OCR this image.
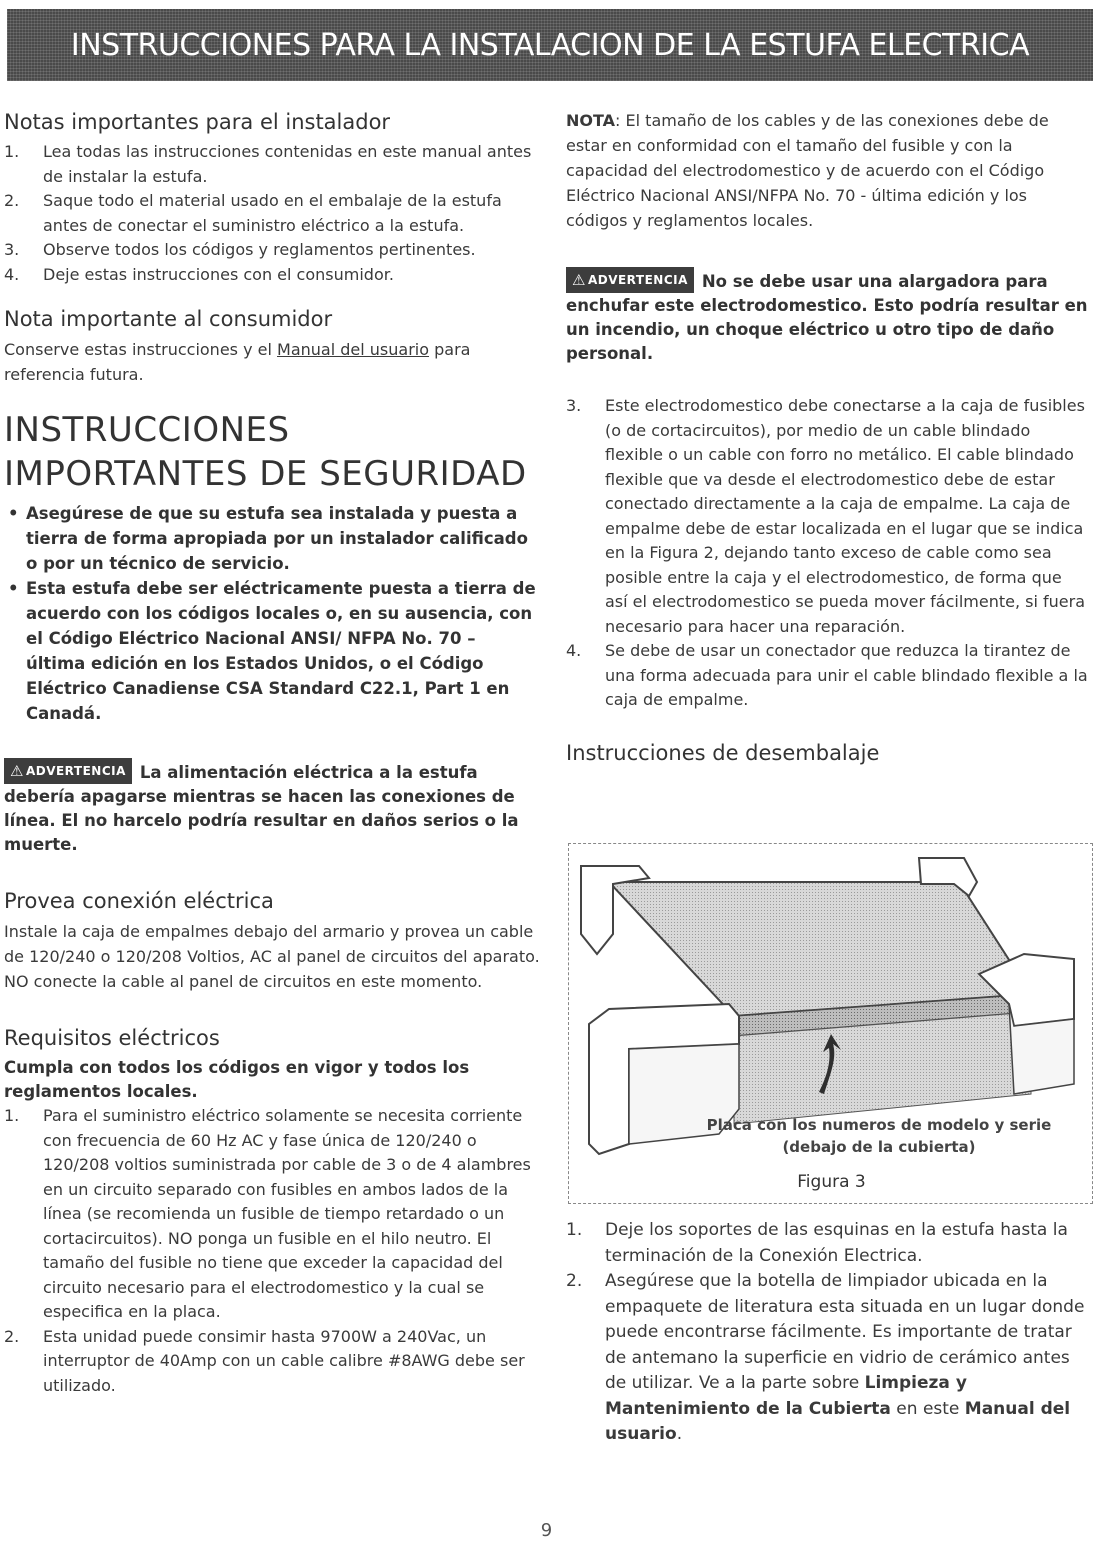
INSTRUCCIONES PARA LA INSTALACION DE LA ESTUFA ELECTRICA
Notas importantes para el instalador
1.	Lea todas las instrucciones contenidas en este manual antes de instalar la estufa.
2.	Saque todo el material usado en el embalaje de la estufa antes de conectar el suministro eléctrico a la estufa.
3.	Observe todos los códigos y reglamentos pertinentes.
4.	Deje estas instrucciones con el consumidor.
Nota importante al consumidor

Conserve estas instrucciones y el Manual del usuario para referencia futura.

INSTRUCCIONES
IMPORTANTES DE SEGURIDAD
• Asegúrese de que su estufa sea instalada y puesta a tierra de forma apropiada por un instalador calificado o por un técnico de servicio.
• Esta estufa debe ser eléctricamente puesta a tierra de acuerdo con los códigos locales o, en su ausencia, con el Código Eléctrico Nacional ANSI/ NFPA No. 70 – última edición en los Estados Unidos, o el Código Eléctrico Canadiense CSA Standard C22.1, Part 1 en Canadá.

⚠ ADVERTENCIA La alimentación eléctrica a la estufa debería apagarse mientras se hacen las conexiones de línea. El no harcelo podría resultar en daños serios o la muerte.

Provea conexión eléctrica

Instale la caja de empalmes debajo del armario y provea un cable de 120/240 o 120/208 Voltios, AC al panel de circuitos del aparato. NO conecte la cable al panel de circuitos en este momento.

Requisitos eléctricos

Cumpla con todos los códigos en vigor y todos los reglamentos locales.

1.	Para el suministro eléctrico solamente se necesita corriente con frecuencia de 60 Hz AC y fase única de 120/240 o 120/208 voltios suministrada por cable de 3 o de 4 alambres en un circuito separado con fusibles en ambos lados de la línea (se recomienda un fusible de tiempo retardado o un cortacircuitos). NO ponga un fusible en el hilo neutro. El tamaño del fusible no tiene que exceder la capacidad del circuito necesario para el electrodomestico y la cual se especifica en la placa.
2.	Esta unidad puede consimir hasta 9700W a 240Vac, un interruptor de 40Amp con un cable calibre #8AWG debe ser utilizado.

NOTA: El tamaño de los cables y de las conexiones debe de estar en conformidad con el tamaño del fusible y con la capacidad del electrodomestico y de acuerdo con el Código Eléctrico Nacional ANSI/NFPA No. 70 - última edición y los códigos y reglamentos locales.

⚠ ADVERTENCIA No se debe usar una alargadora para enchufar este electrodomestico. Esto podría resultar en un incendio, un choque eléctrico u otro tipo de daño personal.

3.	Este electrodomestico debe conectarse a la caja de fusibles (o de cortacircuitos), por medio de un cable blindado flexible o un cable con forro no metálico. El cable blindado flexible que va desde el electrodomestico debe de estar conectado directamente a la caja de empalme. La caja de empalme debe de estar localizada en el lugar que se indica en la Figura 2, dejando tanto exceso de cable como sea posible entre la caja y el electrodomestico, de forma que así el electrodomestico se pueda mover fácilmente, si fuera necesario para hacer una reparación.
4.	Se debe de usar un conectador que reduzca la tirantez de una forma adecuada para unir el cable blindado flexible a la caja de empalme.
Instrucciones de desembalaje
Placa con los numeros de modelo y serie
(debajo de la cubierta)
Figura 3
1.	Deje los soportes de las esquinas en la estufa hasta la terminación de la Conexión Electrica.
2.	Asegúrese que la botella de limpiador ubicada en la empaquete de literatura esta situada en un lugar donde puede encontrarse fácilmente. Es importante de tratar de antemano la superficie en vidrio de cerámico antes de utilizar. Ve a la parte sobre Limpieza y Mantenimiento de la Cubierta en este Manual del usuario.
9
